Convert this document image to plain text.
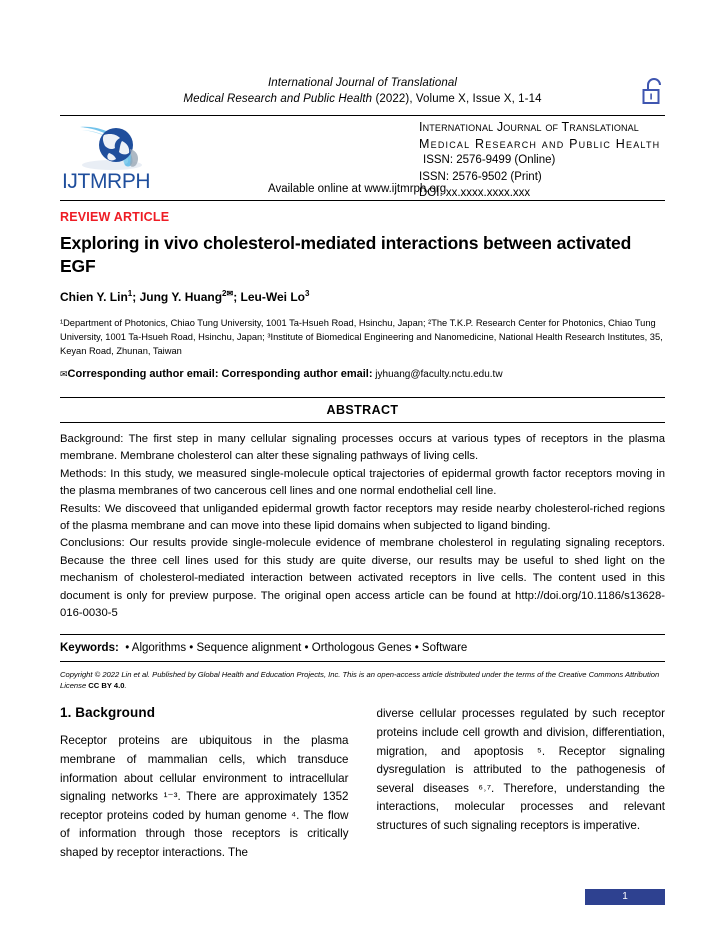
International Journal of Translational
Medical Research and Public Health (2022), Volume X, Issue X, 1-14
IJTMRPH	Available online at www.ijtmrph.org
International Journal of Translational
Medical Research and Public Health
ISSN: 2576-9499 (Online)
ISSN: 2576-9502 (Print)
DOI: xx.xxxx.xxxx.xxx
REVIEW ARTICLE
Exploring in vivo cholesterol-mediated interactions between activated EGF
Chien Y. Lin$^1$; Jung Y. Huang$^{2✉}$; Leu-Wei Lo$^3$
¹Department of Photonics, Chiao Tung University, 1001 Ta-Hsueh Road, Hsinchu, Japan; ²The T.K.P. Research Center for Photonics, Chiao Tung University, 1001 Ta-Hsueh Road, Hsinchu, Japan; ³Institute of Biomedical Engineering and Nanomedicine, National Health Research Institutes, 35, Keyan Road, Zhunan, Taiwan
✉Corresponding author email: Corresponding author email: jyhuang@faculty.nctu.edu.tw
ABSTRACT

Background: The first step in many cellular signaling processes occurs at various types of receptors in the plasma membrane. Membrane cholesterol can alter these signaling pathways of living cells.

Methods: In this study, we measured single-molecule optical trajectories of epidermal growth factor receptors moving in the plasma membranes of two cancerous cell lines and one normal endothelial cell line.

Results: We discoveed that unliganded epidermal growth factor receptors may reside nearby cholesterol-riched regions of the plasma membrane and can move into these lipid domains when subjected to ligand binding.

Conclusions: Our results provide single-molecule evidence of membrane cholesterol in regulating signaling receptors. Because the three cell lines used for this study are quite diverse, our results may be useful to shed light on the mechanism of cholesterol-mediated interaction between activated receptors in live cells. The content used in this document is only for preview purpose. The original open access article can be found at http://doi.org/10.1186/s13628-016-0030-5

Keywords: • Algorithms • Sequence alignment • Orthologous Genes • Software
Copyright © 2022 Lin et al. Published by Global Health and Education Projects, Inc. This is an open-access article distributed under the terms of the Creative Commons Attribution License CC BY 4.0.
1. Background
Receptor proteins are ubiquitous in the plasma membrane of mammalian cells, which transduce information about cellular environment to intracellular signaling networks ¹⁻³. There are approximately 1352 receptor proteins coded by human genome ⁴. The flow of information through those receptors is critically shaped by receptor interactions. The
diverse cellular processes regulated by such receptor proteins include cell growth and division, differentiation, migration, and apoptosis ⁵. Receptor signaling dysregulation is attributed to the pathogenesis of several diseases ⁶˒⁷. Therefore, understanding the interactions, molecular processes and relevant structures of such signaling receptors is imperative.
1
